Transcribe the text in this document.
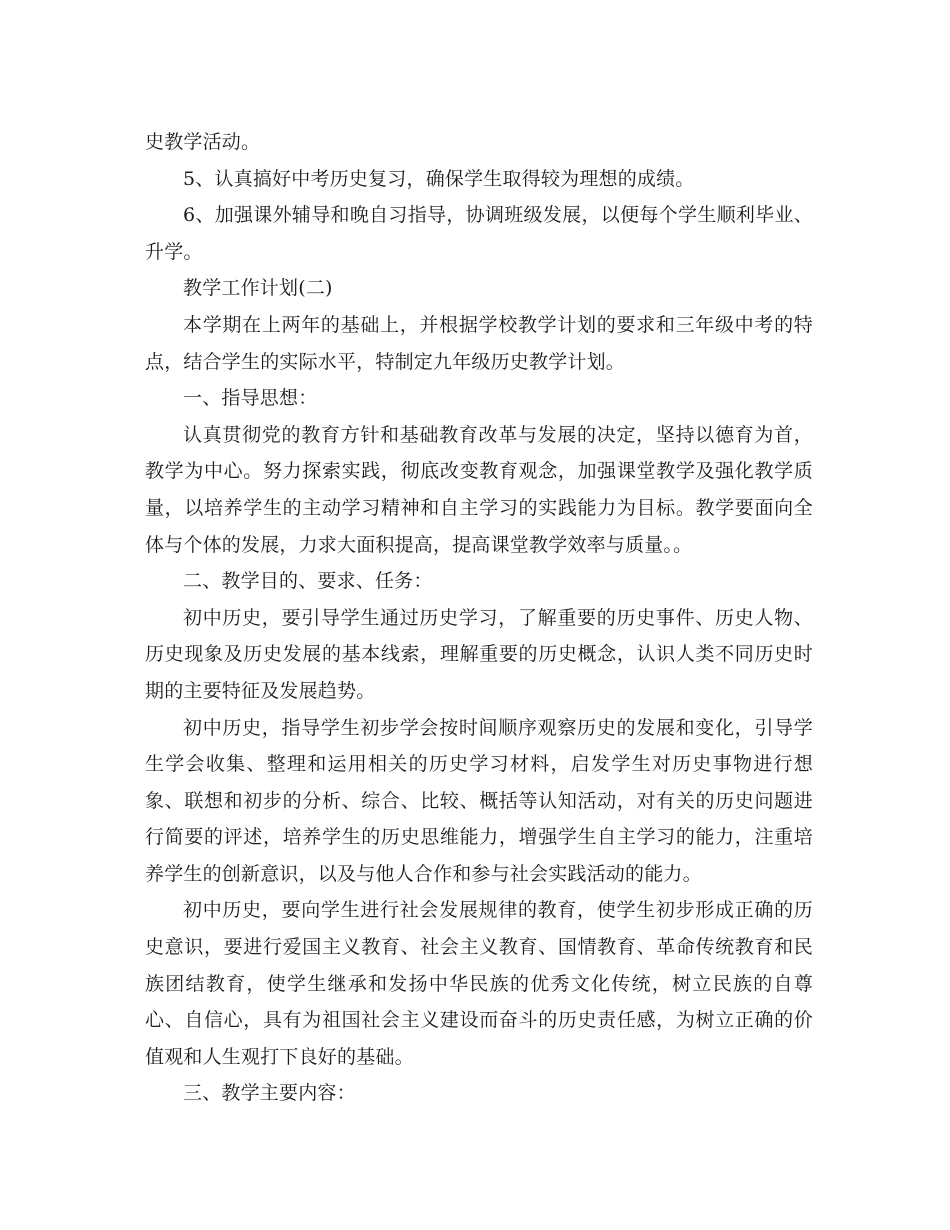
史教学活动。

5、认真搞好中考历史复习，确保学生取得较为理想的成绩。

6、加强课外辅导和晚自习指导，协调班级发展，以便每个学生顺利毕业、升学。

教学工作计划(二)

本学期在上两年的基础上，并根据学校教学计划的要求和三年级中考的特点，结合学生的实际水平，特制定九年级历史教学计划。

一、指导思想：

认真贯彻党的教育方针和基础教育改革与发展的决定，坚持以德育为首，教学为中心。努力探索实践，彻底改变教育观念，加强课堂教学及强化教学质量，以培养学生的主动学习精神和自主学习的实践能力为目标。教学要面向全体与个体的发展，力求大面积提高，提高课堂教学效率与质量。。

二、教学目的、要求、任务：

初中历史，要引导学生通过历史学习，了解重要的历史事件、历史人物、历史现象及历史发展的基本线索，理解重要的历史概念，认识人类不同历史时期的主要特征及发展趋势。

初中历史，指导学生初步学会按时间顺序观察历史的发展和变化，引导学生学会收集、整理和运用相关的历史学习材料，启发学生对历史事物进行想象、联想和初步的分析、综合、比较、概括等认知活动，对有关的历史问题进行简要的评述，培养学生的历史思维能力，增强学生自主学习的能力，注重培养学生的创新意识，以及与他人合作和参与社会实践活动的能力。

初中历史，要向学生进行社会发展规律的教育，使学生初步形成正确的历史意识，要进行爱国主义教育、社会主义教育、国情教育、革命传统教育和民族团结教育，使学生继承和发扬中华民族的优秀文化传统，树立民族的自尊心、自信心，具有为祖国社会主义建设而奋斗的历史责任感，为树立正确的价值观和人生观打下良好的基础。

三、教学主要内容：
